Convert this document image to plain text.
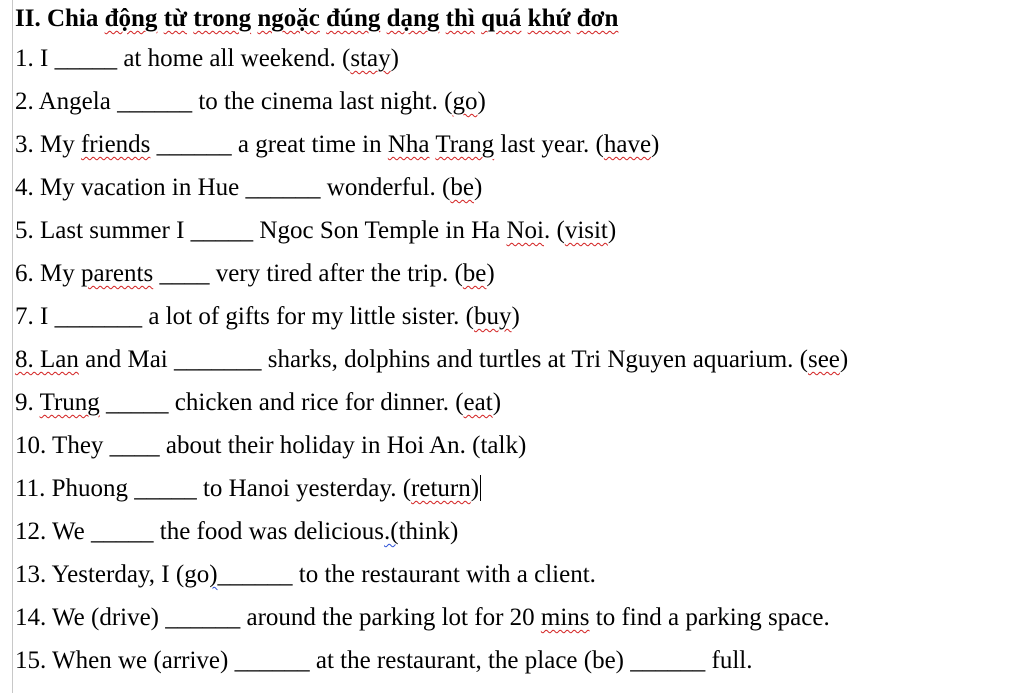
II. Chia động từ trong ngoặc đúng dạng thì quá khứ đơn
1. I _____ at home all weekend. (stay)
2. Angela ______ to the cinema last night. (go)
3. My friends ______ a great time in Nha Trang last year. (have)
4. My vacation in Hue ______ wonderful. (be)
5. Last summer I _____ Ngoc Son Temple in Ha Noi. (visit)
6. My parents ____ very tired after the trip. (be)
7. I _______ a lot of gifts for my little sister. (buy)
8. Lan and Mai _______ sharks, dolphins and turtles at Tri Nguyen aquarium. (see)
9. Trung _____ chicken and rice for dinner. (eat)
10. They ____ about their holiday in Hoi An. (talk)
11. Phuong _____ to Hanoi yesterday. (return)
12. We _____ the food was delicious.(think)
13. Yesterday, I (go)______ to the restaurant with a client.
14. We (drive) ______ around the parking lot for 20 mins to find a parking space.
15. When we (arrive) ______ at the restaurant, the place (be) ______ full.
